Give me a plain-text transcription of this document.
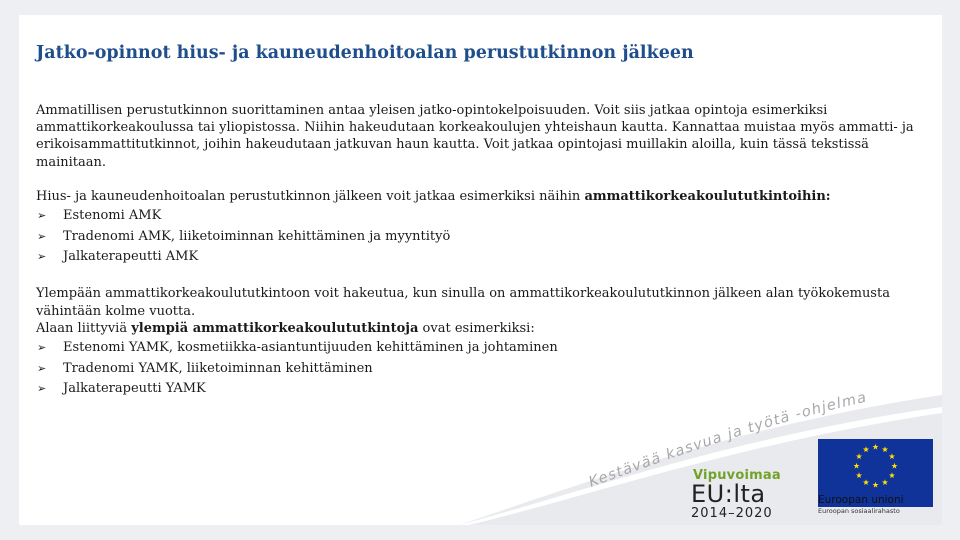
Kestävää kasvua ja työtä -ohjelma
Jatko-opinnot hius- ja kauneudenhoitoalan perustutkinnon jälkeen

Ammatillisen perustutkinnon suorittaminen antaa yleisen jatko-opintokelpoisuuden. Voit siis jatkaa opintoja esimerkiksi ammattikorkeakoulussa tai yliopistossa. Niihin hakeudutaan korkeakoulujen yhteishaun kautta. Kannattaa muistaa myös ammatti- ja erikoisammattitutkinnot, joihin hakeudutaan jatkuvan haun kautta. Voit jatkaa opintojasi muillakin aloilla, kuin tässä tekstissä mainitaan.

Hius- ja kauneudenhoitoalan perustutkinnon jälkeen voit jatkaa esimerkiksi näihin ammattikorkeakoulututkintoihin:

➢ Estenomi AMK
➢ Tradenomi AMK, liiketoiminnan kehittäminen ja myyntityö
➢ Jalkaterapeutti AMK

Ylempään ammattikorkeakoulututkintoon voit hakeutua, kun sinulla on ammattikorkeakoulututkinnon jälkeen alan työkokemusta vähintään kolme vuotta.

Alaan liittyviä ylempiä ammattikorkeakoulututkintoja ovat esimerkiksi:

➢ Estenomi YAMK, kosmetiikka-asiantuntijuuden kehittäminen ja johtaminen
➢ Tradenomi YAMK, liiketoiminnan kehittäminen
➢ Jalkaterapeutti YAMK
Vipuvoimaa
EU:lta
2014–2020
Euroopan unioni
Euroopan sosiaalirahasto
